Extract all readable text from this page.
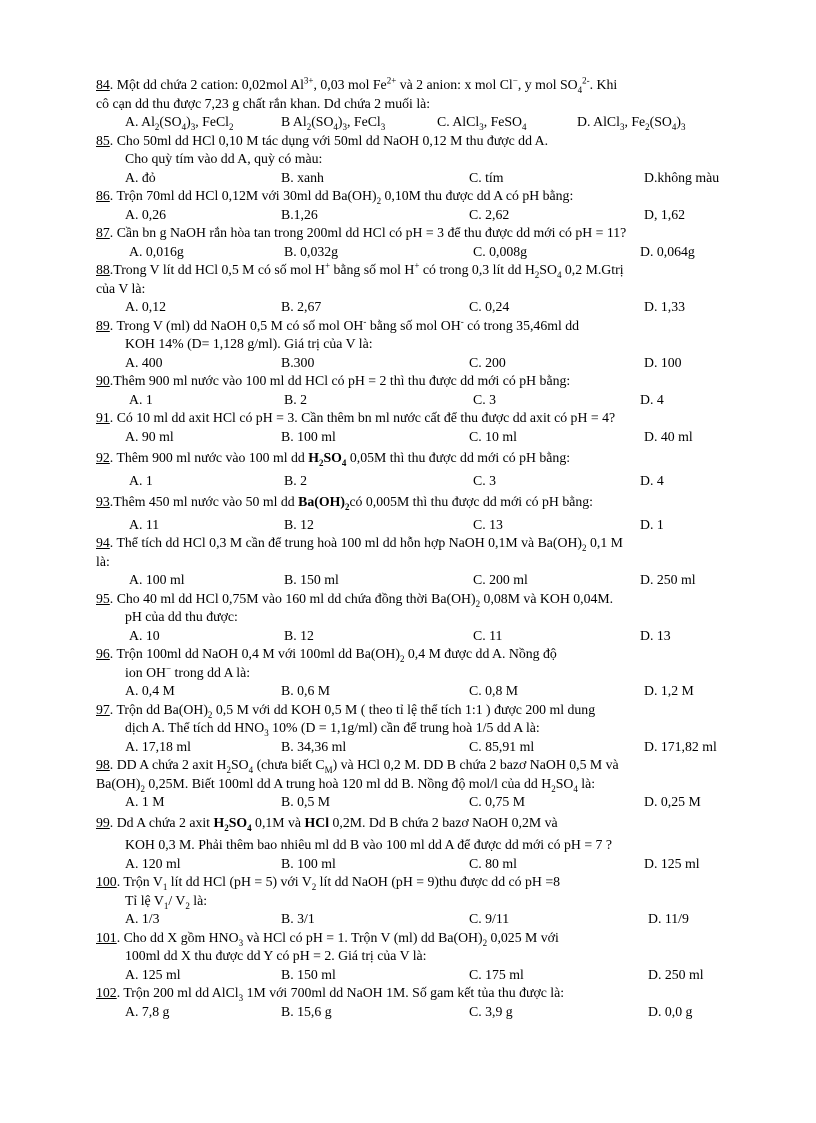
84. Một dd chứa 2 cation: 0,02mol $Al^{3+}$, 0,03 mol $Fe^{2+}$ và 2 anion: x mol Cl−, y mol $SO_4^{2-}$. Khi
cô cạn dd thu được 7,23 g chất rắn khan. Dd chứa 2 muối là:
A. $Al_2(SO_4)_3$, FeCl$_2$	B $Al_2(SO_4)_3$, FeCl$_3$	C. AlCl$_3$, FeSO$_4$	D. AlCl$_3$, $Fe_2(SO_4)_3$
85. Cho 50ml dd HCl 0,10 M tác dụng với 50ml dd NaOH 0,12 M thu được dd A.
Cho quỳ tím vào dd A, quỳ có màu:
A. đỏ	B. xanh	C. tím	D.không màu
86. Trộn 70ml dd HCl 0,12M với 30ml dd $Ba(OH)_2$ 0,10M thu được dd A có pH bằng:
A. 0,26	B.1,26	C. 2,62	D, 1,62
87. Cần bn g NaOH rắn hòa tan trong 200ml dd HCl có pH = 3 để thu được dd mới có pH = 11?
A. 0,016g	B. 0,032g	C. 0,008g	D. 0,064g
88.Trong V lít dd HCl 0,5 M có số mol H+ bằng số mol H+ có trong 0,3 lít dd $H_2SO_4$ 0,2 M.Gtrị
của V là:
A. 0,12	B. 2,67	C. 0,24	D. 1,33
89. Trong V (ml) dd NaOH 0,5 M có số mol OH- bằng số mol OH- có trong 35,46ml dd
KOH 14% (D= 1,128 g/ml). Giá trị của V là:
A. 400	B.300	C. 200	D. 100
90.Thêm 900 ml nước vào 100 ml dd HCl có pH = 2 thì thu được dd mới có pH bằng:
A. 1	B. 2	C. 3	D. 4
91. Có 10 ml dd axit HCl có pH = 3. Cần thêm bn ml nước cất để thu được dd axit có pH = 4?
A. 90 ml	B. 100 ml	C. 10 ml	D. 40 ml
92. Thêm 900 ml nước vào 100 ml dd $H_2SO_4$ 0,05M thì thu được dd mới có pH bằng:
A. 1	B. 2	C. 3	D. 4
93.Thêm 450 ml nước vào 50 ml dd $Ba(OH)_2có$ 0,005M thì thu được dd mới có pH bằng:
A. 11	B. 12	C. 13	D. 1
94. Thể tích dd HCl 0,3 M cần để trung hoà 100 ml dd hỗn hợp NaOH 0,1M và $Ba(OH)_2$ 0,1 M
là:
A. 100 ml	B. 150 ml	C. 200 ml	D. 250 ml
95. Cho 40 ml dd HCl 0,75M vào 160 ml dd chứa đồng thời $Ba(OH)_2$ 0,08M và KOH 0,04M.
pH của dd thu được:
A. 10	B. 12	C. 11	D. 13
96. Trộn 100ml dd NaOH 0,4 M với 100ml dd $Ba(OH)_2$ 0,4 M được dd A. Nồng độ
ion OH− trong dd A là:
A. 0,4 M	B. 0,6 M	C. 0,8 M	D. 1,2 M
97. Trộn dd $Ba(OH)_2$ 0,5 M với dd KOH 0,5 M ( theo tỉ lệ thể tích 1:1 ) được 200 ml dung
dịch A. Thể tích dd $HNO_3$ 10% (D = 1,1g/ml) cần để trung hoà 1/5 dd A là:
A. 17,18 ml	B. 34,36 ml	C. 85,91 ml	D. 171,82 ml
98. DD A chứa 2 axit $H_2SO_4$ (chưa biết $C_M$) và HCl 0,2 M. DD B chứa 2 bazơ NaOH 0,5 M và
$Ba(OH)_2$ 0,25M. Biết 100ml dd A trung hoà 120 ml dd B. Nồng độ mol/l của dd $H_2SO_4$ là:
A. 1 M	B. 0,5 M	C. 0,75 M	D. 0,25 M
99. Dd A chứa 2 axit $H_2SO_4$ 0,1M và HCl 0,2M. Dd B chứa 2 bazơ NaOH 0,2M và
KOH 0,3 M. Phải thêm bao nhiêu ml dd B vào 100 ml dd A để được dd mới có pH = 7 ?
A. 120 ml	B. 100 ml	C. 80 ml	D. 125 ml
100. Trộn $V_1$ lít dd HCl (pH = 5) với $V_2$ lít dd NaOH (pH = 9)thu được dd có pH =8
Tỉ lệ $V_1/$ $V_2$ là:
A. 1/3	B. 3/1	C. 9/11	D. 11/9
101. Cho dd X gồm $HNO_3$ và HCl có pH = 1. Trộn V (ml) dd $Ba(OH)_2$ 0,025 M với
100ml dd X thu được dd Y có pH = 2. Giá trị của V là:
A. 125 ml	B. 150 ml	C. 175 ml	D. 250 ml
102. Trộn 200 ml dd AlCl$_3$ 1M với 700ml dd NaOH 1M. Số gam kết tủa thu được là:
A. 7,8 g	B. 15,6 g	C. 3,9 g	D. 0,0 g
